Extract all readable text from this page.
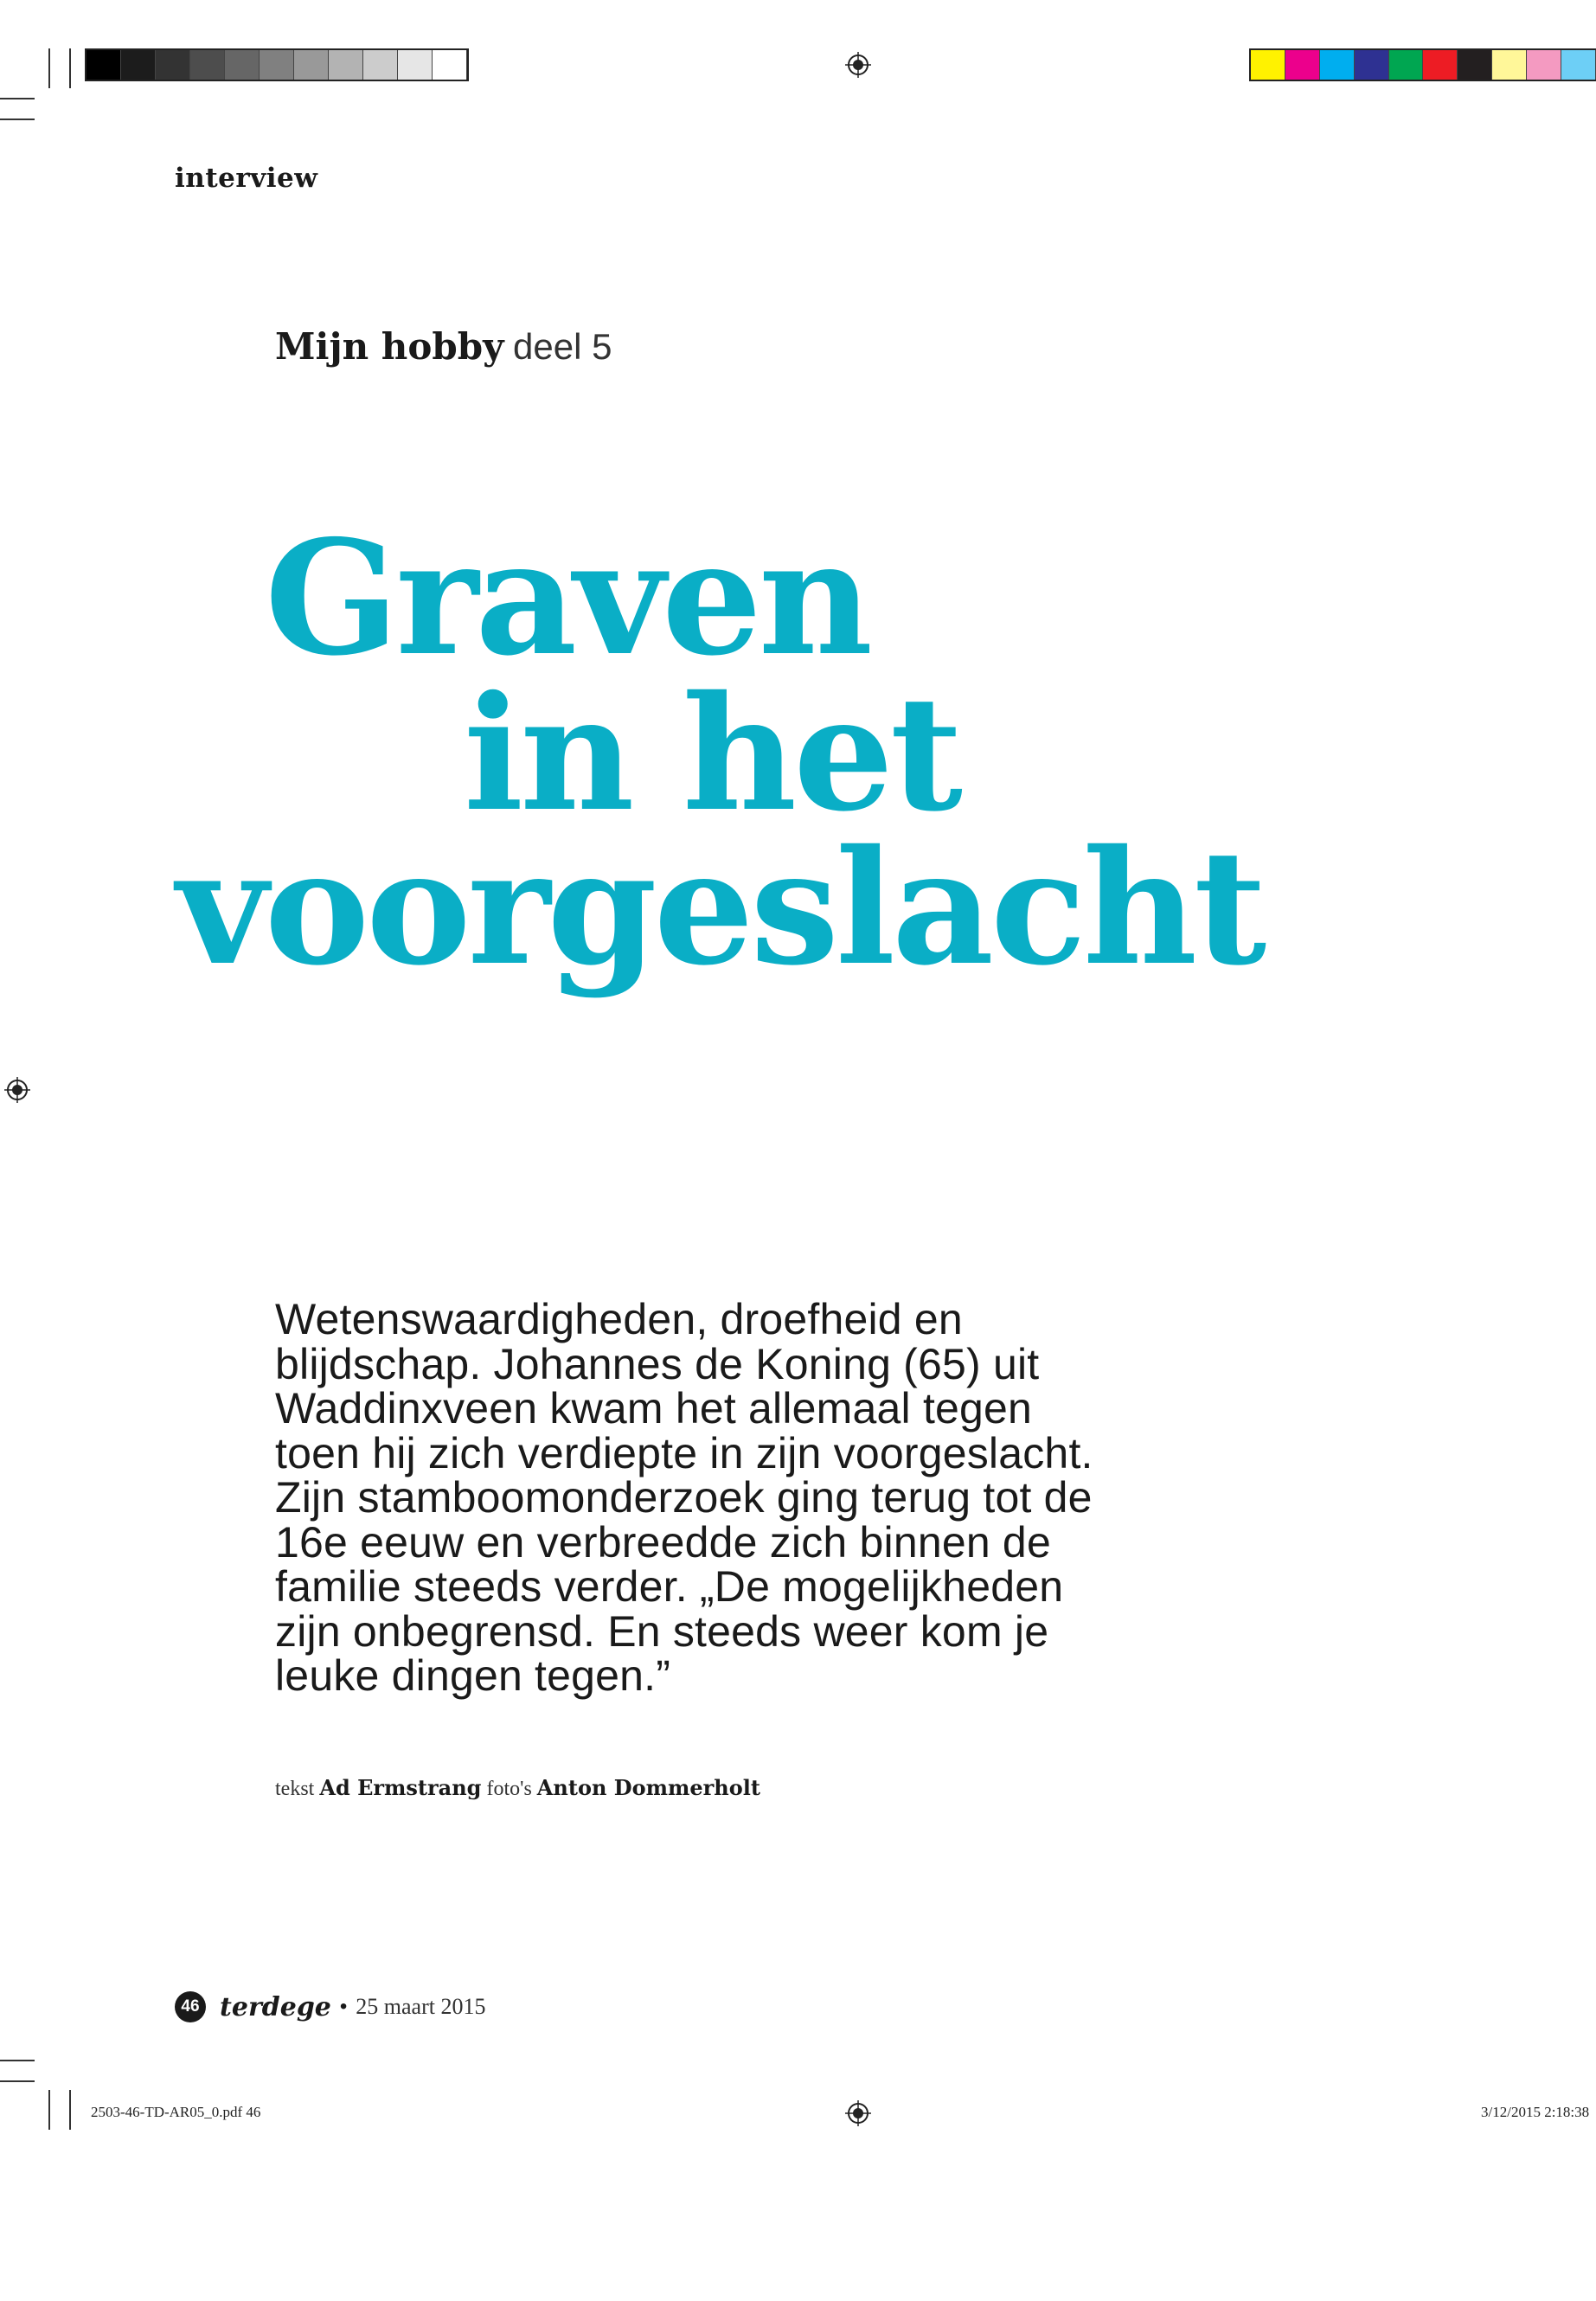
interview
Mijn hobby deel 5
Graven
in het
voorgeslacht
Wetenswaardigheden, droefheid en
blijdschap. Johannes de Koning (65) uit
Waddinxveen kwam het allemaal tegen
toen hij zich verdiepte in zijn voorgeslacht.
Zijn stamboomonderzoek ging terug tot de
16e eeuw en verbreedde zich binnen de
familie steeds verder. „De mogelijkheden
zijn onbegrensd. En steeds weer kom je
leuke dingen tegen.”
tekst Ad Ermstrang foto's Anton Dommerholt
46 terdege • 25 maart 2015
2503-46-TD-AR05_0.pdf 46	3/12/2015 2:18:38
